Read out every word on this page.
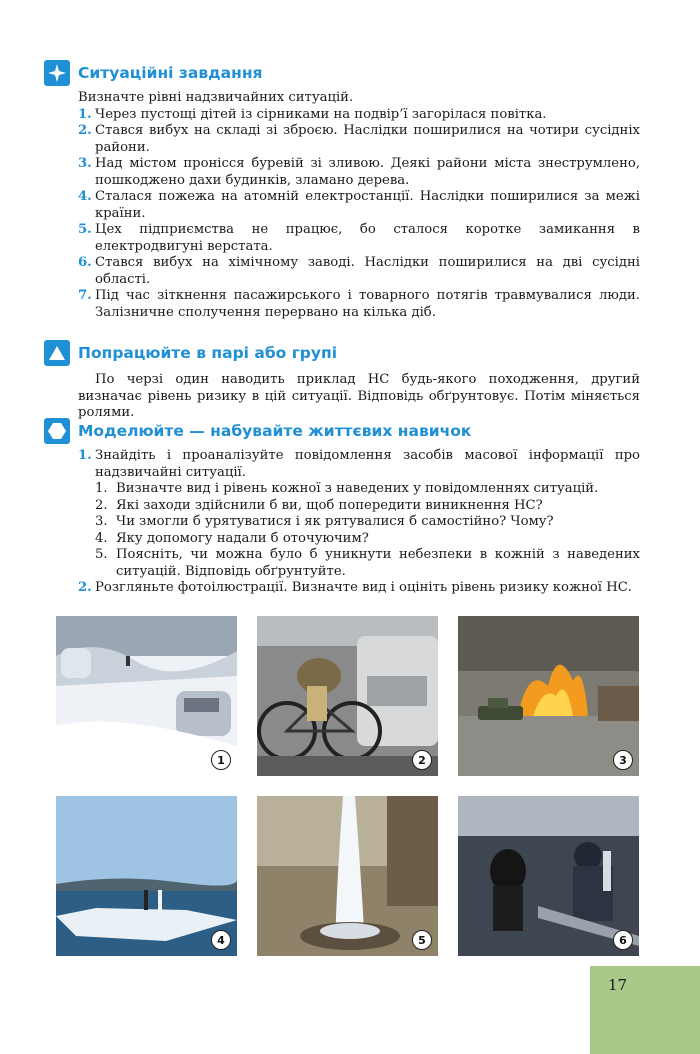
Ситуаційні завдання
Визначте рівні надзвичайних ситуацій.
1. Через пустощі дітей із сірниками на подвір’ї загорілася повітка.
2. Стався вибух на складі зі зброєю. Наслідки поширилися на чотири сусідніх райони.
3. Над містом пронісся буревій зі зливою. Деякі райони міста знеструмлено, пошкоджено дахи будинків, зламано дерева.
4. Сталася пожежа на атомній електростанції. Наслідки поширилися за межі країни.
5. Цех підприємства не працює, бо сталося коротке замикання в електродвигуні верстата.
6. Стався вибух на хімічному заводі. Наслідки поширилися на дві сусідні області.
7. Під час зіткнення пасажирського і товарного потягів травмувалися люди. Залізничне сполучення перервано на кілька діб.
Попрацюйте в парі або групі
По черзі один наводить приклад НС будь-якого походження, другий визначає рівень ризику в цій ситуації. Відповідь обґрунтовує. Потім міняється ролями.
Моделюйте — набувайте життєвих навичок
1. Знайдіть і проаналізуйте повідомлення засобів масової інформації про надзвичайні ситуації.
1. Визначте вид і рівень кожної з наведених у повідомленнях ситуацій.
2. Які заходи здійснили б ви, щоб попередити виникнення НС?
3. Чи змогли б урятуватися і як рятувалися б самостійно? Чому?
4. Яку допомогу надали б оточуючим?
5. Поясніть, чи можна було б уникнути небезпеки в кожній з наведених ситуацій. Відповідь обґрунтуйте.
2. Розгляньте фотоілюстрації. Визначте вид і оцініть рівень ризику кожної НС.
1	2	3
4	5	6
17
